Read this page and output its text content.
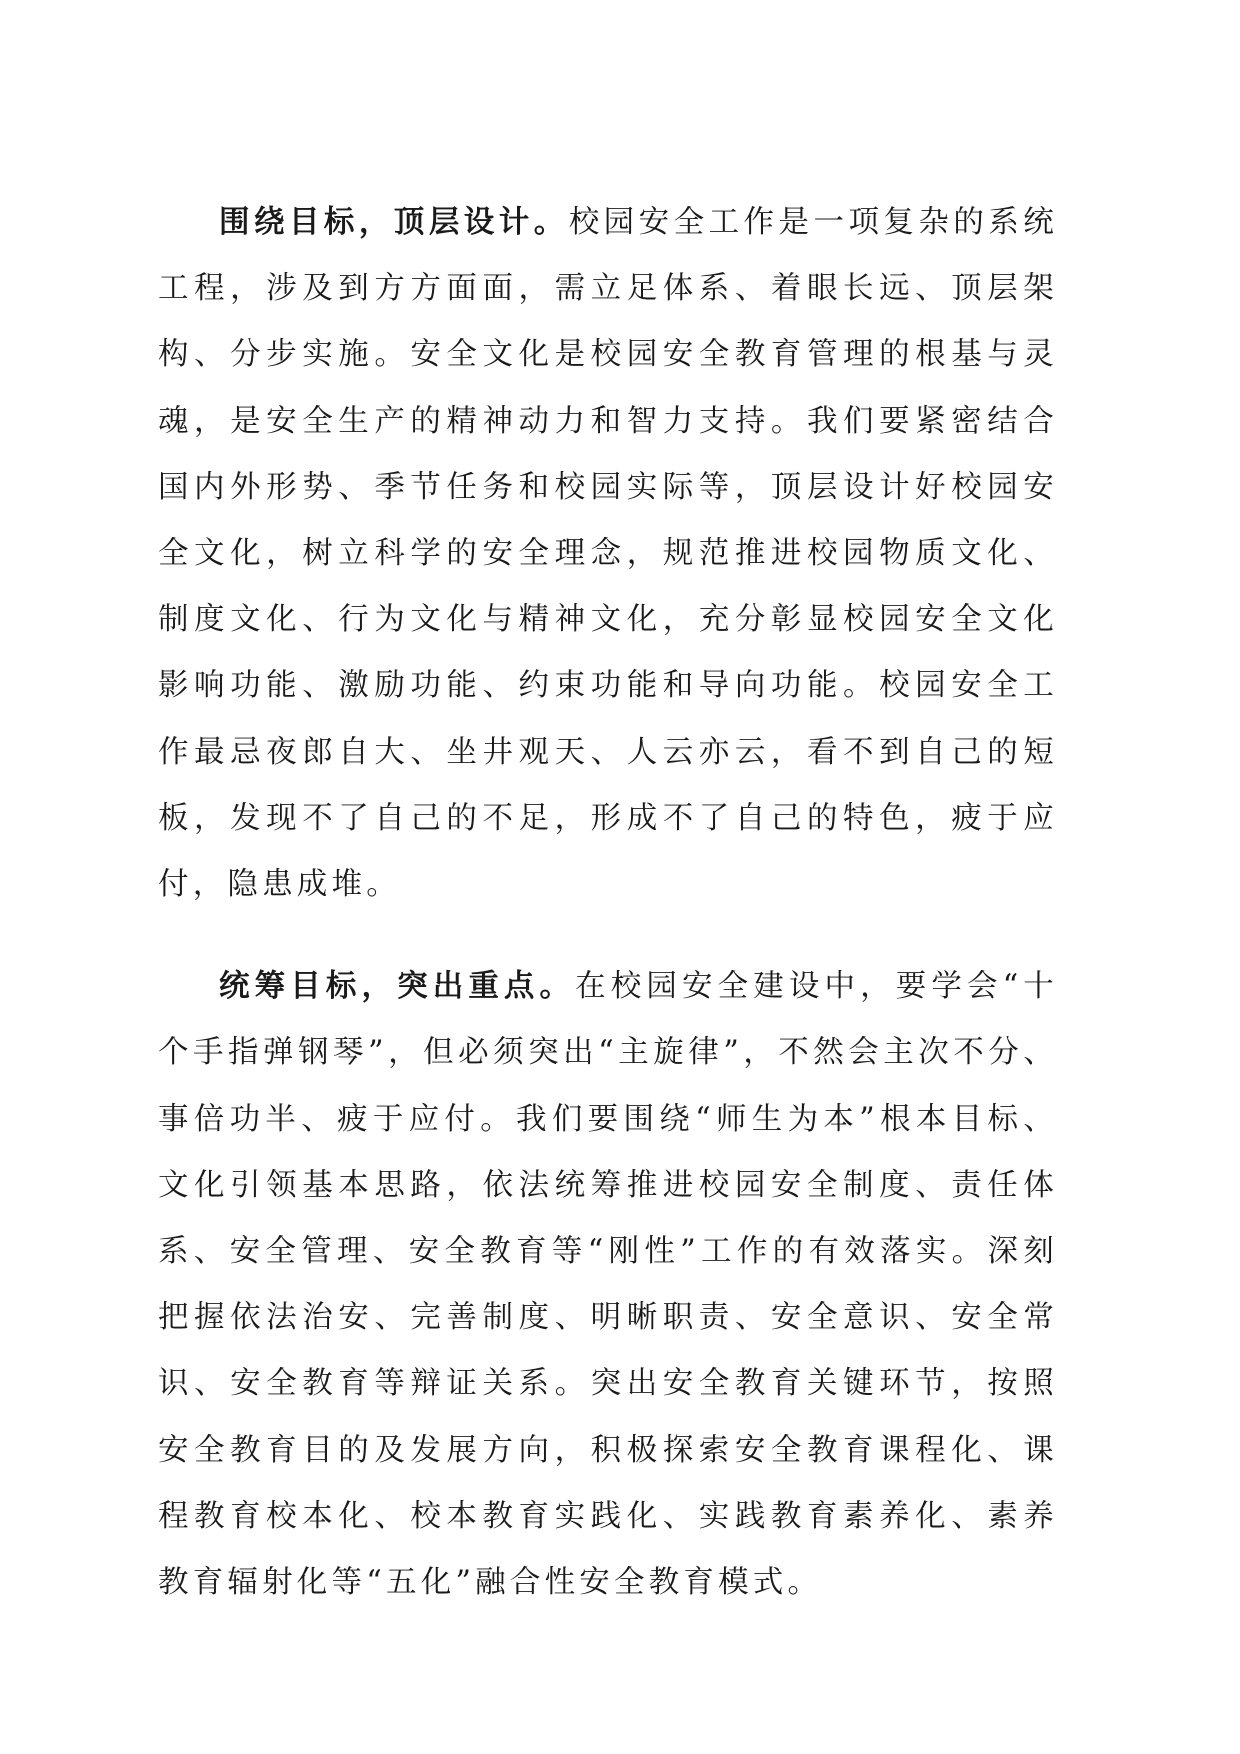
围绕目标，顶层设计。校园安全工作是一项复杂的系统工程，涉及到方方面面，需立足体系、着眼长远、顶层架构、分步实施。安全文化是校园安全教育管理的根基与灵魂，是安全生产的精神动力和智力支持。我们要紧密结合国内外形势、季节任务和校园实际等，顶层设计好校园安全文化，树立科学的安全理念，规范推进校园物质文化、制度文化、行为文化与精神文化，充分彰显校园安全文化影响功能、激励功能、约束功能和导向功能。校园安全工作最忌夜郎自大、坐井观天、人云亦云，看不到自己的短板，发现不了自己的不足，形成不了自己的特色，疲于应付，隐患成堆。

统筹目标，突出重点。在校园安全建设中，要学会“十个手指弹钢琴”，但必须突出“主旋律”，不然会主次不分、事倍功半、疲于应付。我们要围绕“师生为本”根本目标、文化引领基本思路，依法统筹推进校园安全制度、责任体系、安全管理、安全教育等“刚性”工作的有效落实。深刻把握依法治安、完善制度、明晰职责、安全意识、安全常识、安全教育等辩证关系。突出安全教育关键环节，按照安全教育目的及发展方向，积极探索安全教育课程化、课程教育校本化、校本教育实践化、实践教育素养化、素养教育辐射化等“五化”融合性安全教育模式。
